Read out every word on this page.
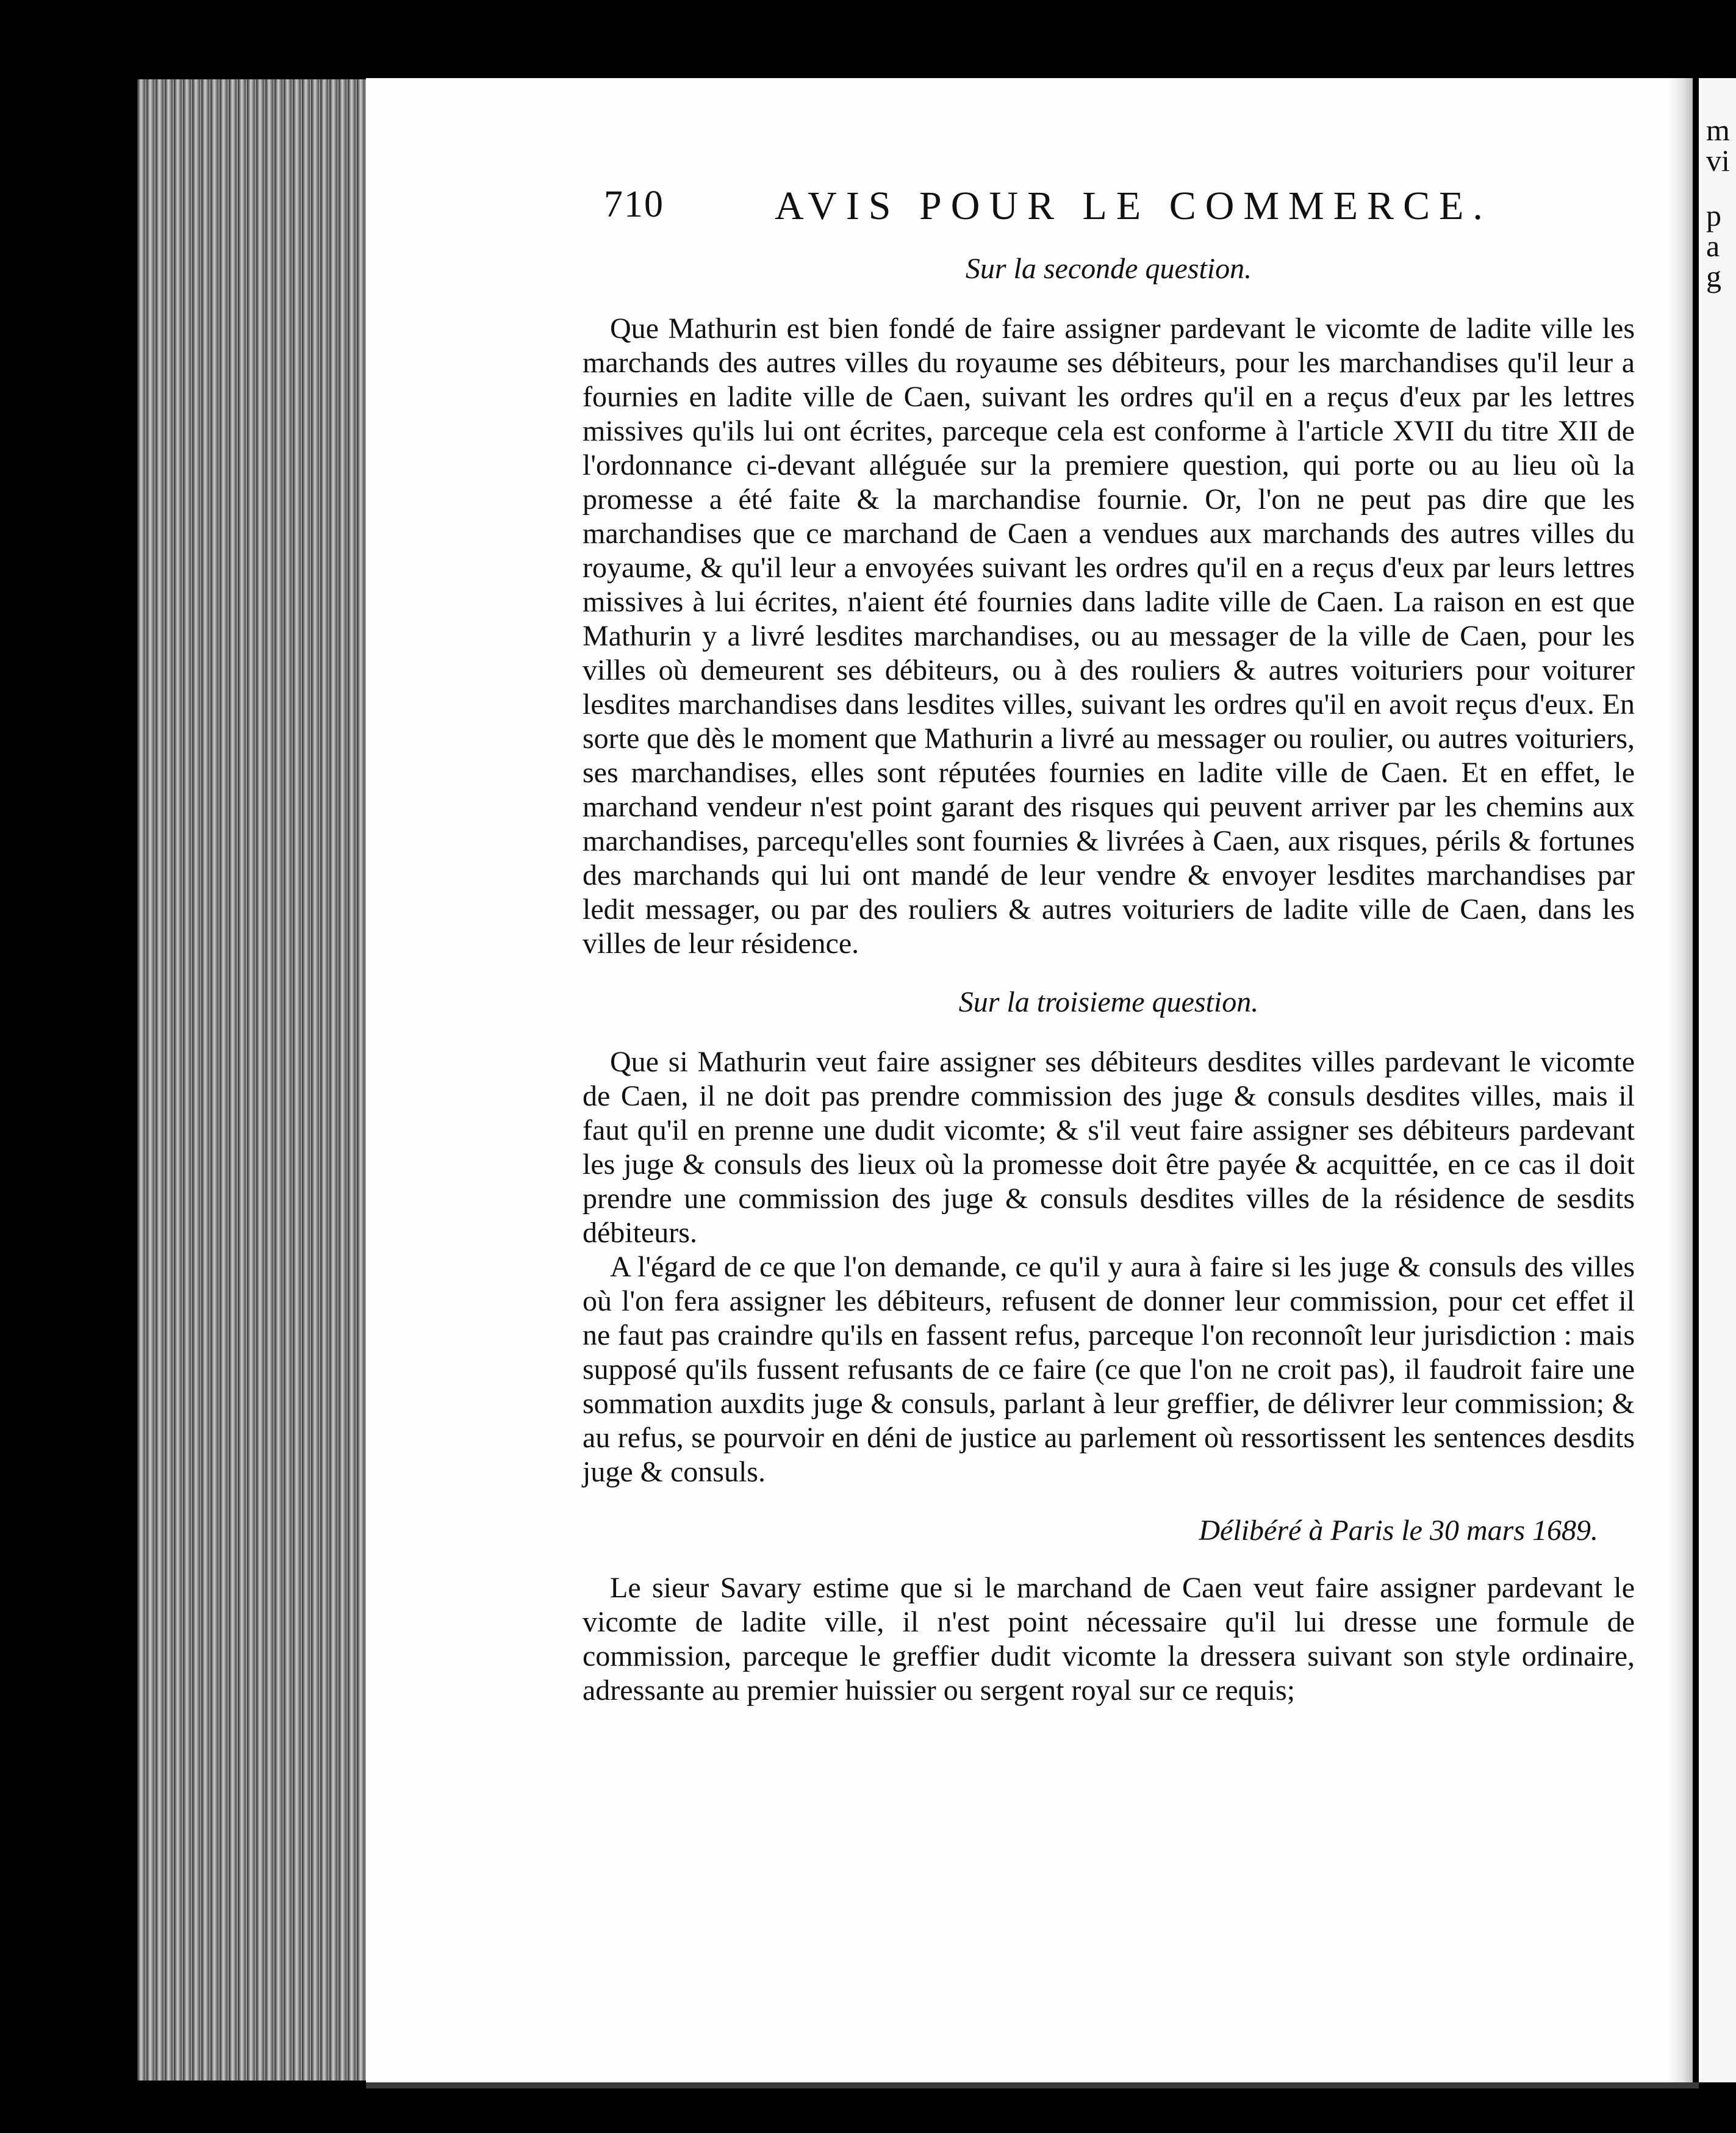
m
vi
p
a
g
710	AVIS POUR LE COMMERCE.
Sur la seconde question.

Que Mathurin est bien fondé de faire assigner pardevant le vicomte de ladite ville les marchands des autres villes du royaume ses débiteurs, pour les marchandises qu'il leur a fournies en ladite ville de Caen, suivant les ordres qu'il en a reçus d'eux par les lettres missives qu'ils lui ont écrites, parceque cela est conforme à l'article XVII du titre XII de l'ordonnance ci-devant alléguée sur la premiere question, qui porte ou au lieu où la promesse a été faite & la marchandise fournie. Or, l'on ne peut pas dire que les marchandises que ce marchand de Caen a vendues aux marchands des autres villes du royaume, & qu'il leur a envoyées suivant les ordres qu'il en a reçus d'eux par leurs lettres missives à lui écrites, n'aient été fournies dans ladite ville de Caen. La raison en est que Mathurin y a livré lesdites marchandises, ou au messager de la ville de Caen, pour les villes où demeurent ses débiteurs, ou à des rouliers & autres voituriers pour voiturer lesdites marchandises dans lesdites villes, suivant les ordres qu'il en avoit reçus d'eux. En sorte que dès le moment que Mathurin a livré au messager ou roulier, ou autres voituriers, ses marchandises, elles sont réputées fournies en ladite ville de Caen. Et en effet, le marchand vendeur n'est point garant des risques qui peuvent arriver par les chemins aux marchandises, parcequ'elles sont fournies & livrées à Caen, aux risques, périls & fortunes des marchands qui lui ont mandé de leur vendre & envoyer lesdites marchandises par ledit messager, ou par des rouliers & autres voituriers de ladite ville de Caen, dans les villes de leur résidence.

Sur la troisieme question.

Que si Mathurin veut faire assigner ses débiteurs desdites villes pardevant le vicomte de Caen, il ne doit pas prendre commission des juge & consuls desdites villes, mais il faut qu'il en prenne une dudit vicomte; & s'il veut faire assigner ses débiteurs pardevant les juge & consuls des lieux où la promesse doit être payée & acquittée, en ce cas il doit prendre une commission des juge & consuls desdites villes de la résidence de sesdits débiteurs.

A l'égard de ce que l'on demande, ce qu'il y aura à faire si les juge & consuls des villes où l'on fera assigner les débiteurs, refusent de donner leur commission, pour cet effet il ne faut pas craindre qu'ils en fassent refus, parceque l'on reconnoît leur jurisdiction : mais supposé qu'ils fussent refusants de ce faire (ce que l'on ne croit pas), il faudroit faire une sommation auxdits juge & consuls, parlant à leur greffier, de délivrer leur commission; & au refus, se pourvoir en déni de justice au parlement où ressortissent les sentences desdits juge & consuls.

Délibéré à Paris le 30 mars 1689.

Le sieur Savary estime que si le marchand de Caen veut faire assigner pardevant le vicomte de ladite ville, il n'est point nécessaire qu'il lui dresse une formule de commission, parceque le greffier dudit vicomte la dressera suivant son style ordinaire, adressante au premier huissier ou sergent royal sur ce requis;
